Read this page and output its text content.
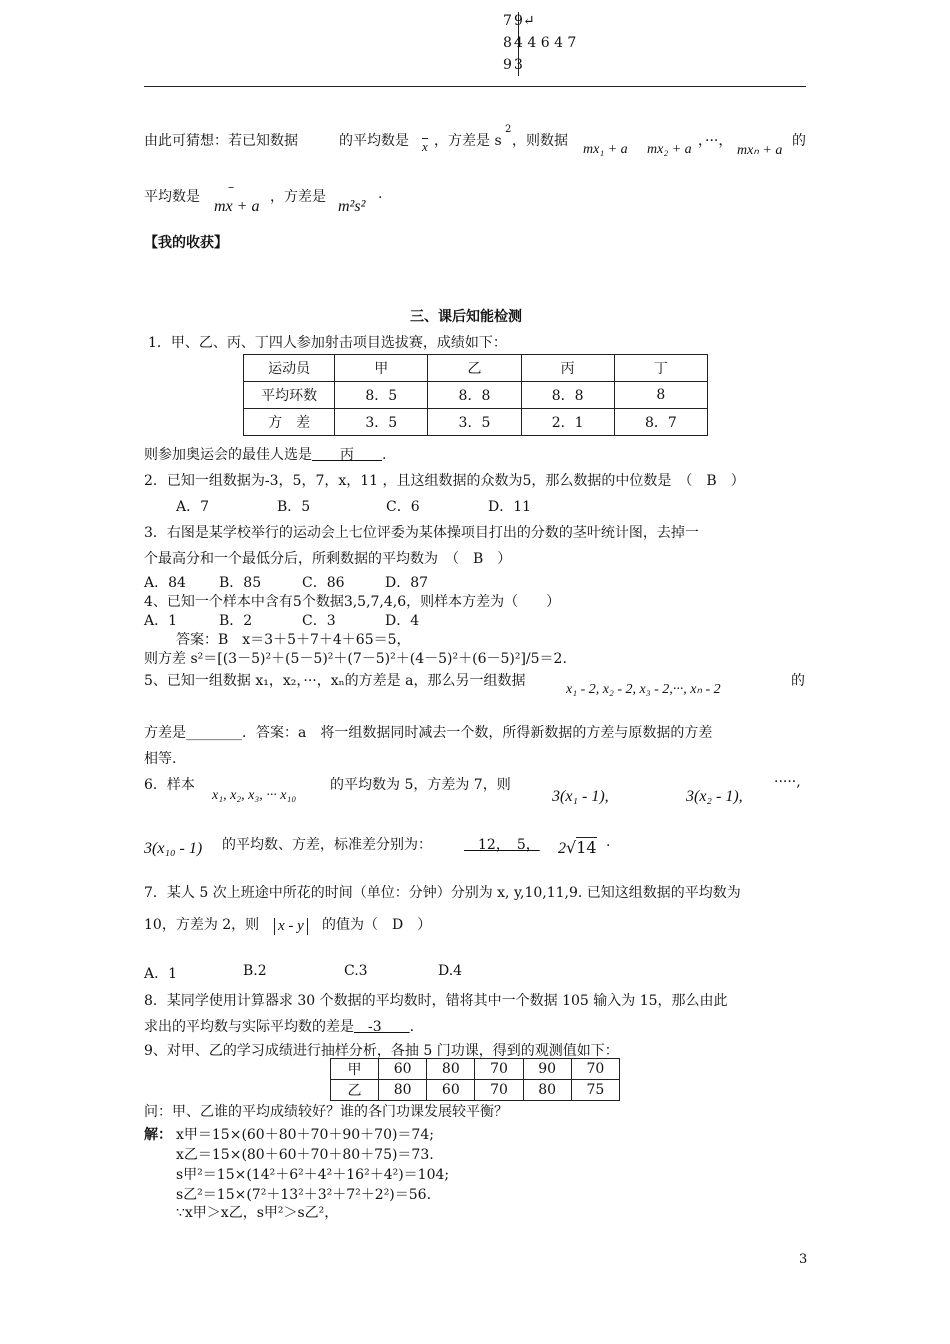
7 9↵
8 4 4 6 4 7
9 3
由此可猜想：若已知数据	的平均数是 x ，方差是 s
2
，则数据
mx₁ + a mx₂ + a
，···，
mxₙ + a
的
平均数是
–
mx + a
，方差是
m²s²
.
【我的收获】
三、课后知能检测
1．甲、乙、丙、丁四人参加射击项目选拔赛，成绩如下：
运动员	甲	乙	丙	丁
平均环数	8．5	8．8	8．8	8
方　差	3．5	3．5	2．1	8．7
则参加奥运会的最佳人选是　　丙　　.
2．已知一组数据为-3，5，7，x，11 ，且这组数据的众数为5，那么数据的中位数是　（　B　）
A．7	B．5	C．6	D．11
3．右图是某学校举行的运动会上七位评委为某体操项目打出的分数的茎叶统计图，去掉一
个最高分和一个最低分后，所剩数据的平均数为　（　B　）
A．84 B．85	C．86	D．87
4、已知一个样本中含有5个数据3,5,7,4,6，则样本方差为（　　）
A．1	B．2	C．3	D．4
答案：B　x＝3＋5＋7＋4＋65＝5，
则方差 s²＝[(3－5)²＋(5－5)²＋(7－5)²＋(4－5)²＋(6－5)²]/5＝2.
5、已知一组数据 x₁，x₂，···，xₙ的方差是 a，那么另一组数据
x₁ - 2, x₂ - 2, x₃ - 2,···, xₙ - 2
的
方差是________．答案：a　将一组数据同时减去一个数，所得新数据的方差与原数据的方差
相等.
6．样本
x₁, x₂, x₃, ··· x₁₀
的平均数为 5，方差为 7，则
3(x₁ - 1),	3(x₂ - 1),
·····,
3(x₁₀ - 1) 的平均数、方差，标准差分别为： 　12，　5， 2√14 .
7．某人 5 次上班途中所花的时间（单位：分钟）分别为 x, y,10,11,9. 已知这组数据的平均数为
10，方差为 2，则 x - y 的值为（　D　）
A．1	B.2	C.3	D.4
8．某同学使用计算器求 30 个数据的平均数时，错将其中一个数据 105 输入为 15，那么由此
求出的平均数与实际平均数的差是　-3　　.
9、对甲、乙的学习成绩进行抽样分析，各抽 5 门功课，得到的观测值如下：
甲	60	80	70	90	70
乙	80	60	70	80	75
问：甲、乙谁的平均成绩较好？谁的各门功课发展较平衡？
解： x甲＝15×(60＋80＋70＋90＋70)＝74;
x乙＝15×(80＋60＋70＋80＋75)＝73.
s甲²＝15×(14²＋6²＋4²＋16²＋4²)＝104;
s乙²＝15×(7²＋13²＋3²＋7²＋2²)＝56.
∵x甲＞x乙，s甲²＞s乙²，
3
